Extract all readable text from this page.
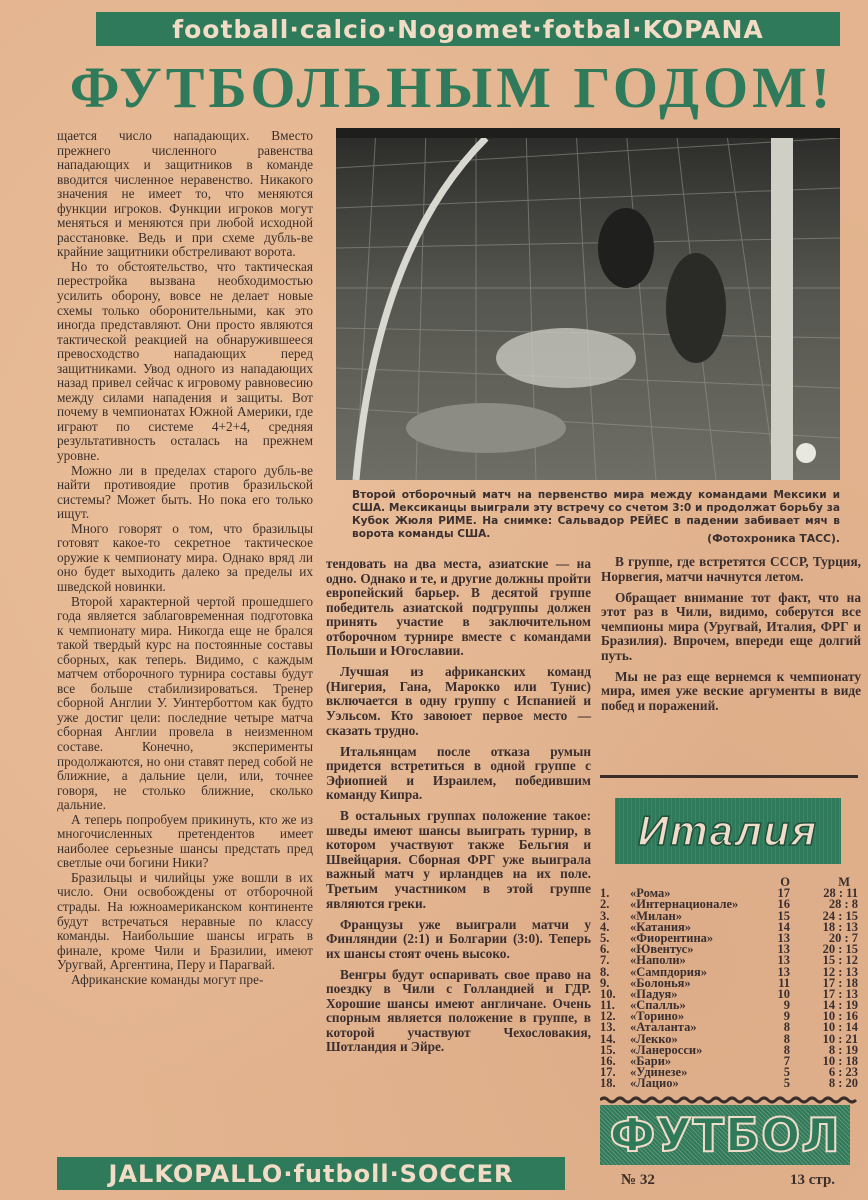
football·calcio·Nogomet·fotbal·KOPANA
ФУТБОЛЬНЫМ ГОДОМ!

щается число нападающих. Вместо прежнего численного равенства нападающих и защитников в команде вводится численное неравенство. Никакого значения не имеет то, что меняются функции игроков. Функции игроков могут меняться и меняются при любой исходной расстановке. Ведь и при схеме дубль-ве крайние защитники обстреливают ворота.

Но то обстоятельство, что тактическая перестройка вызвана необходимостью усилить оборону, вовсе не делает новые схемы только оборонительными, как это иногда представляют. Они просто являются тактической реакцией на обнаружившееся превосходство нападающих перед защитниками. Увод одного из нападающих назад привел сейчас к игровому равновесию между силами нападения и защиты. Вот почему в чемпионатах Южной Америки, где играют по системе 4+2+4, средняя результативность осталась на прежнем уровне.

Можно ли в пределах старого дубль-ве найти противоядие против бразильской системы? Может быть. Но пока его только ищут.

Много говорят о том, что бразильцы готовят какое-то секретное тактическое оружие к чемпионату мира. Однако вряд ли оно будет выходить далеко за пределы их шведской новинки.

Второй характерной чертой прошедшего года является заблаговременная подготовка к чемпионату мира. Никогда еще не брался такой твердый курс на постоянные составы сборных, как теперь. Видимо, с каждым матчем отборочного турнира составы будут все больше стабилизироваться. Тренер сборной Англии У. Уинтерботтом как будто уже достиг цели: последние четыре матча сборная Англии провела в неизменном составе. Конечно, эксперименты продолжаются, но они ставят перед собой не ближние, а дальние цели, или, точнее говоря, не столько ближние, сколько дальние.

А теперь попробуем прикинуть, кто же из многочисленных претендентов имеет наиболее серьезные шансы предстать пред светлые очи богини Ники?

Бразильцы и чилийцы уже вошли в их число. Они освобождены от отборочной страды. На южноамериканском континенте будут встречаться неравные по классу команды. Наибольшие шансы играть в финале, кроме Чили и Бразилии, имеют Уругвай, Аргентина, Перу и Парагвай.

Африканские команды могут пре-

Второй отборочный матч на первенство мира между командами Мексики и США. Мексиканцы выиграли эту встречу со счетом 3:0 и продолжат борьбу за Кубок Жюля РИМЕ. На снимке: Сальвадор РЕЙЕС в падении забивает мяч в ворота команды США.	(Фотохроника ТАСС).

тендовать на два места, азиатские — на одно. Однако и те, и другие должны пройти европейский барьер. В десятой группе победитель азиатской подгруппы должен принять участие в заключительном отборочном турнире вместе с командами Польши и Югославии.

Лучшая из африканских команд (Нигерия, Гана, Марокко или Тунис) включается в одну группу с Испанией и Уэльсом. Кто завоюет первое место — сказать трудно.

Итальянцам после отказа румын придется встретиться в одной группе с Эфиопией и Израилем, победившим команду Кипра.

В остальных группах положение такое: шведы имеют шансы выиграть турнир, в котором участвуют также Бельгия и Швейцария. Сборная ФРГ уже выиграла важный матч у ирландцев на их поле. Третьим участником в этой группе являются греки.

Французы уже выиграли матчи у Финляндии (2:1) и Болгарии (3:0). Теперь их шансы стоят очень высоко.

Венгры будут оспаривать свое право на поездку в Чили с Голландией и ГДР. Хорошие шансы имеют англичане. Очень спорным является положение в группе, в которой участвуют Чехословакия, Шотландия и Эйре.

В группе, где встретятся СССР, Турция, Норвегия, матчи начнутся летом.

Обращает внимание тот факт, что на этот раз в Чили, видимо, соберутся все чемпионы мира (Уругвай, Италия, ФРГ и Бразилия). Впрочем, впереди еще долгий путь.

Мы не раз еще вернемся к чемпионату мира, имея уже веские аргументы в виде побед и поражений.

Италия
О	М
1.	«Рома»	17	28 : 11
2.	«Интернационале»	16	28 : 8
3.	«Милан»	15	24 : 15
4.	«Катания»	14	18 : 13
5.	«Фиорентина»	13	20 : 7
6.	«Ювентус»	13	20 : 15
7.	«Наполи»	13	15 : 12
8.	«Сампдория»	13	12 : 13
9.	«Болонья»	11	17 : 18
10.	«Падуя»	10	17 : 13
11.	«Спалль»	9	14 : 19
12.	«Торино»	9	10 : 16
13.	«Аталанта»	8	10 : 14
14.	«Лекко»	8	10 : 21
15.	«Ланеросси»	8	8 : 19
16.	«Бари»	7	10 : 18
17.	«Удинезе»	5	6 : 23
18.	«Лацио»	5	8 : 20
ФУТБОЛ
№ 32	13 стр.
JALKOPALLO·futboll·SOCCER
